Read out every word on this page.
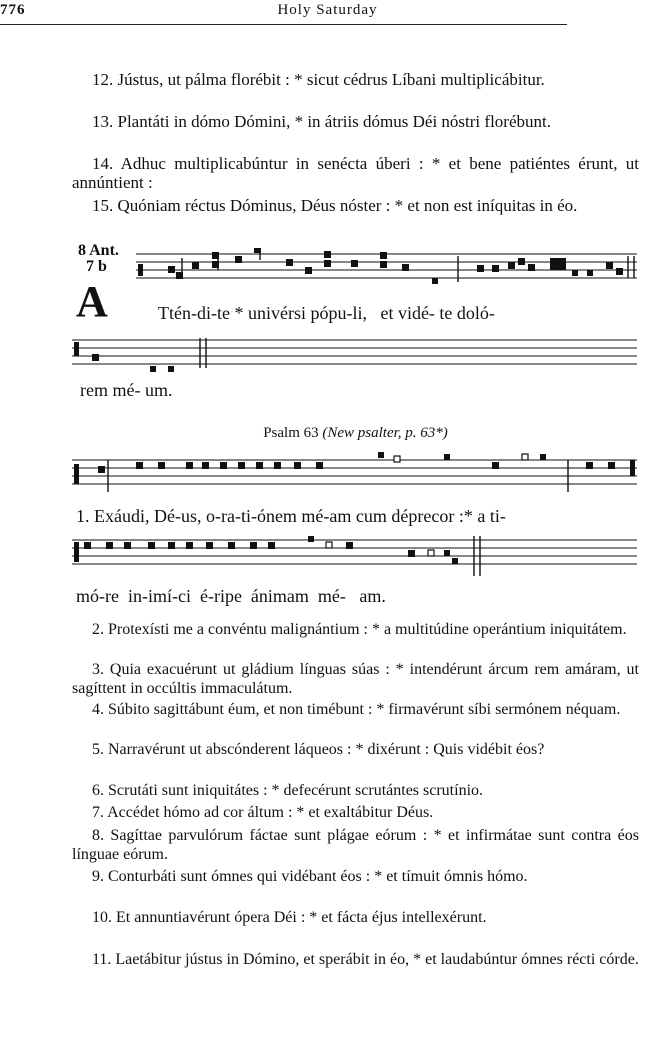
776	Holy Saturday
12. Jústus, ut pálma florébit : * sicut cédrus Líbani multiplicábitur.
13. Plantáti in dómo Dómini, * in átriis dómus Déi nóstri florébunt.
14. Adhuc multiplicabúntur in senécta úberi : * et bene patiéntes érunt, ut annúntient :
15. Quóniam réctus Dóminus, Déus nóster : * et non est iníquitas in éo.
8 Ant.
7 b
A	Ttén-di-te * univérsi pópu-li,   et vidé- te doló-
rem mé- um.
Psalm 63 (New psalter, p. 63*)
1. Exáudi, Dé-us, o-ra-ti-ónem mé-am cum déprecor :* a ti-
mó-re  in-imí-ci  é-ripe  ánimam  mé-   am.
2. Protexísti me a convéntu malignántium : * a multitúdine operántium iniquitátem.
3. Quia exacuérunt ut gládium línguas súas : * intendérunt árcum rem amáram, ut sagíttent in occúltis immaculátum.
4. Súbito sagittábunt éum, et non timébunt : * firmavérunt síbi sermónem néquam.
5. Narravérunt ut abscónderent láqueos : * dixérunt : Quis vidébit éos?
6. Scrutáti sunt iniquitátes : * defecérunt scrutántes scrutínio.
7. Accédet hómo ad cor áltum : * et exaltábitur Déus.
8. Sagíttae parvulórum fáctae sunt plágae eórum : * et infirmátae sunt contra éos línguae eórum.
9. Conturbáti sunt ómnes qui vidébant éos : * et tímuit ómnis hómo.
10. Et annuntiavérunt ópera Déi : * et fácta éjus intellexérunt.
11. Laetábitur jústus in Dómino, et sperábit in éo, * et laudabúntur ómnes récti córde.
